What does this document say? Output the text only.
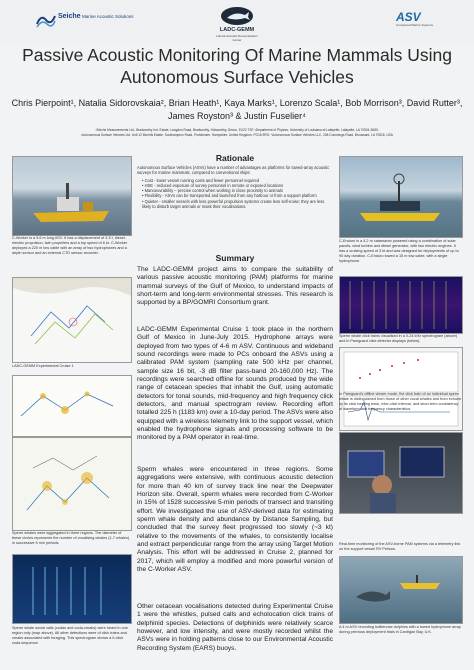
Seiche Marine Acoustic Solutions
LADC-GEMM
Littoral Acoustic Demonstration Center
ASV
Unmanned Marine Systems
Passive Acoustic Monitoring Of Marine Mammals Using Autonomous Surface Vehicles
Chris Pierpoint¹, Natalia Sidorovskaia², Brian Heath¹, Kaya Marks¹, Lorenzo Scala¹, Bob Morrison³, David Rutter³, James Royston³ & Justin Fuselier⁴
¹Seiche Measurements Ltd., Bradworthy Ind. Estate, Langdon Road, Bradworthy, Holsworthy, Devon, EX22 7SF, ²Department of Physics, University of Louisiana at Lafayette, Lafayette, LA 70504-3680;
³Autonomous Surface Vehicles Ltd, Unit 12 Murrills Estate, Southampton Road, Portchester, Hampshire, United Kingdom, PO16 9RD; ⁴Autonomous Surface Vehicles LLC, 208 Cummings Road, Broussard, LA 70518, USA
C-Worker is a 5.6 m long ASV. It has a displacement of 4.5 t, diesel-electric propulsion, twin propellers and a top speed of 6 kt. C-Worker deployed a 220 m tow cable with an array of two hydrophones and a depth sensor and an external CTD sensor-recorder.
LADC-GEMM Experimental Cruise 1
Sperm whales were aggregated in three regions. The diameter of these circles represents the number of vocalising whales (1-7 whales) in successive 5 min periods.
Sperm whale social calls (codas and coda-creaks) were heard in one region only (map above). All other detections were of click trains and creaks associated with foraging. This spectrogram shows a 6-click coda sequence.
Rationale
Autonomous Surface Vehicles (ASVs) have a number of advantages as platforms for towed-array acoustic surveys for marine mammals, compared to conventional ships:
• Cost - lower vessel running costs and fewer personnel required
• HSE - reduced exposure of survey personnel in remote or exposed locations
• Manoeuvrability – precise control when working in close proximity to animals
• Flexibility - ASVs can be transported and launched from any harbour or from a support platform
• Quieter - smaller vessels with less powerful propulsion systems create less self-noise; they are less likely to disturb target animals or mask their vocalisations.
Summary
The LADC-GEMM project aims to compare the suitability of various passive acoustic monitoring (PAM) platforms for marine mammal surveys of the Gulf of Mexico, to understand impacts of short-term and long-term environmental stresses. This research is supported by a BP/GOMRI Consortium grant.
LADC-GEMM Experimental Cruise 1 took place in the northern Gulf of Mexico in June-July 2015. Hydrophone arrays were deployed from two types of 4-6 m ASV. Continuous and wideband sound recordings were made to PCs onboard the ASVs using a calibrated PAM system (sampling rate 500 kHz per channel, sample size 16 bit, -3 dB filter pass-band 20-160,000 Hz). The recordings were searched offline for sounds produced by the wide range of cetacean species that inhabit the Gulf, using automatic detectors for tonal sounds, mid-frequency and high frequency click detectors, and manual spectrogram review. Recording effort totalled 225 h (1183 km) over a 10-day period. The ASVs were also equipped with a wireless telemetry link to the support vessel, which enabled the hydrophone signals and processing software to be monitored by a PAM operator in real-time.
Sperm whales were encountered in three regions. Some aggregations were extensive, with continuous acoustic detection for more than 40 km of survey track line near the Deepwater Horizon site. Overall, sperm whales were recorded from C-Worker in 15% of 1528 successive 5-min periods of transect and transiting effort. We investigated the use of ASV-derived data for estimating sperm whale density and abundance by Distance Sampling, but concluded that the survey fleet progressed too slowly (~3 kt) relative to the movements of the whales, to consistently localise and extract perpendicular range from the array using Target Motion Analysis. This effort will be addressed in Cruise 2, planned for 2017, which will employ a modified and more powerful version of the C-Worker ASV.
Other cetacean vocalisations detected during Experimental Cruise 1 were the whistles, pulsed calls and echolocation click trains of delphinid species. Detections of delphinids were relatively scarce however, and low intensity, and were mostly recorded whilst the ASVs were in holding patterns close to our Environmental Acoustic Recording System (EARS) buoys.
C-Enduro is a 4.2 m catamaran powered using a combination of solar panels, wind turbine and diesel generator, with two electric engines. It has a cruising speed of 3 kt and was designed for deployments of up to 90 day duration. C-Enduro towed a 15 m tow cable, with a single hydrophone.
Sperm whale click trains visualised in a 0-24 kHz spectrogram (above) and in Pamguard click detector displays (below).
In Pamguard's offline viewer mode, the click train of an individual sperm whale is distinguished from those of other vocal whales and from echoes by its click bearing track, inter-click interval, and short-term consistency of waveform and frequency characteristics.
Real-time monitoring of the ASV-borne PAM systems via a telemetry link on the support vessel RV Pelican.
A 4 m ASV recording bottlenose dolphins with a towed hydrophone array during previous deployment trials in Cardigan Bay, U.K.
